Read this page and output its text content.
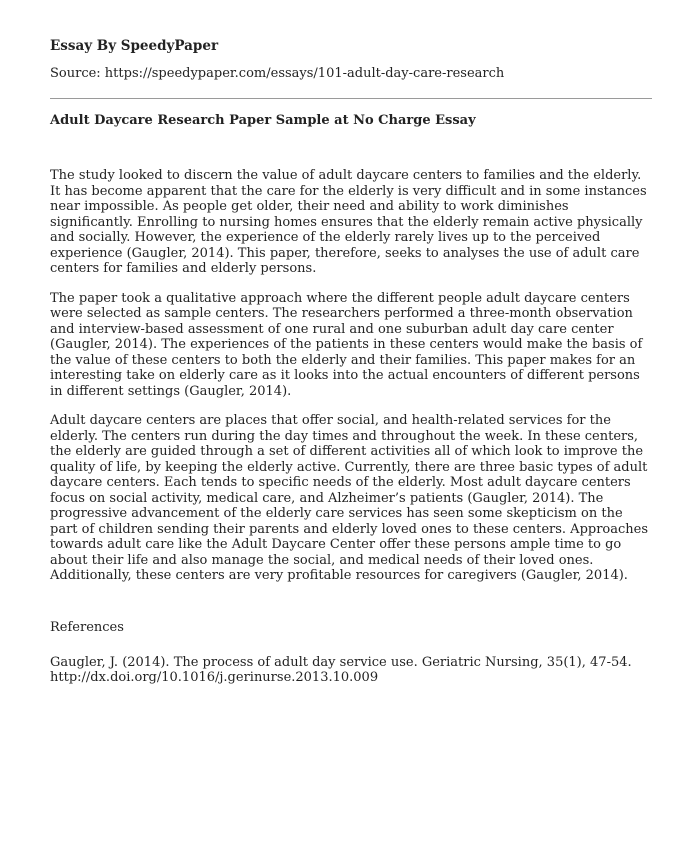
Essay By SpeedyPaper
Source: https://speedypaper.com/essays/101-adult-day-care-research
Adult Daycare Research Paper Sample at No Charge Essay

The study looked to discern the value of adult daycare centers to families and the elderly. It has become apparent that the care for the elderly is very difficult and in some instances near impossible. As people get older, their need and ability to work diminishes significantly. Enrolling to nursing homes ensures that the elderly remain active physically and socially. However, the experience of the elderly rarely lives up to the perceived experience (Gaugler, 2014). This paper, therefore, seeks to analyses the use of adult care centers for families and elderly persons.

The paper took a qualitative approach where the different people adult daycare centers were selected as sample centers. The researchers performed a three-month observation and interview-based assessment of one rural and one suburban adult day care center (Gaugler, 2014). The experiences of the patients in these centers would make the basis of the value of these centers to both the elderly and their families. This paper makes for an interesting take on elderly care as it looks into the actual encounters of different persons in different settings (Gaugler, 2014).

Adult daycare centers are places that offer social, and health-related services for the elderly. The centers run during the day times and throughout the week. In these centers, the elderly are guided through a set of different activities all of which look to improve the quality of life, by keeping the elderly active. Currently, there are three basic types of adult daycare centers. Each tends to specific needs of the elderly. Most adult daycare centers focus on social activity, medical care, and Alzheimer’s patients (Gaugler, 2014). The progressive advancement of the elderly care services has seen some skepticism on the part of children sending their parents and elderly loved ones to these centers. Approaches towards adult care like the Adult Daycare Center offer these persons ample time to go about their life and also manage the social, and medical needs of their loved ones. Additionally, these centers are very profitable resources for caregivers (Gaugler, 2014).

References

Gaugler, J. (2014). The process of adult day service use. Geriatric Nursing, 35(1), 47-54. http://dx.doi.org/10.1016/j.gerinurse.2013.10.009
